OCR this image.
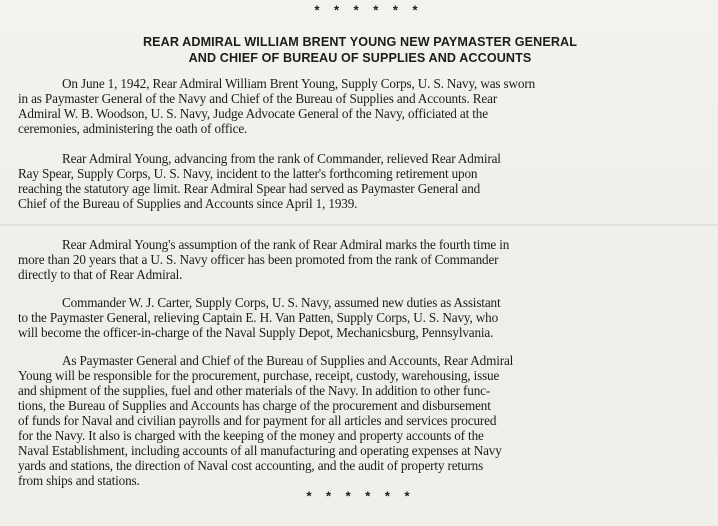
* * * * * *
REAR ADMIRAL WILLIAM BRENT YOUNG NEW PAYMASTER GENERAL
AND CHIEF OF BUREAU OF SUPPLIES AND ACCOUNTS
On June 1, 1942, Rear Admiral William Brent Young, Supply Corps, U. S. Navy, was sworn
in as Paymaster General of the Navy and Chief of the Bureau of Supplies and Accounts. Rear
Admiral W. B. Woodson, U. S. Navy, Judge Advocate General of the Navy, officiated at the
ceremonies, administering the oath of office.
Rear Admiral Young, advancing from the rank of Commander, relieved Rear Admiral
Ray Spear, Supply Corps, U. S. Navy, incident to the latter's forthcoming retirement upon
reaching the statutory age limit. Rear Admiral Spear had served as Paymaster General and
Chief of the Bureau of Supplies and Accounts since April 1, 1939.
Rear Admiral Young's assumption of the rank of Rear Admiral marks the fourth time in
more than 20 years that a U. S. Navy officer has been promoted from the rank of Commander
directly to that of Rear Admiral.
Commander W. J. Carter, Supply Corps, U. S. Navy, assumed new duties as Assistant
to the Paymaster General, relieving Captain E. H. Van Patten, Supply Corps, U. S. Navy, who
will become the officer-in-charge of the Naval Supply Depot, Mechanicsburg, Pennsylvania.
As Paymaster General and Chief of the Bureau of Supplies and Accounts, Rear Admiral
Young will be responsible for the procurement, purchase, receipt, custody, warehousing, issue
and shipment of the supplies, fuel and other materials of the Navy. In addition to other func-
tions, the Bureau of Supplies and Accounts has charge of the procurement and disbursement
of funds for Naval and civilian payrolls and for payment for all articles and services procured
for the Navy. It also is charged with the keeping of the money and property accounts of the
Naval Establishment, including accounts of all manufacturing and operating expenses at Navy
yards and stations, the direction of Naval cost accounting, and the audit of property returns
from ships and stations.
* * * * * *
